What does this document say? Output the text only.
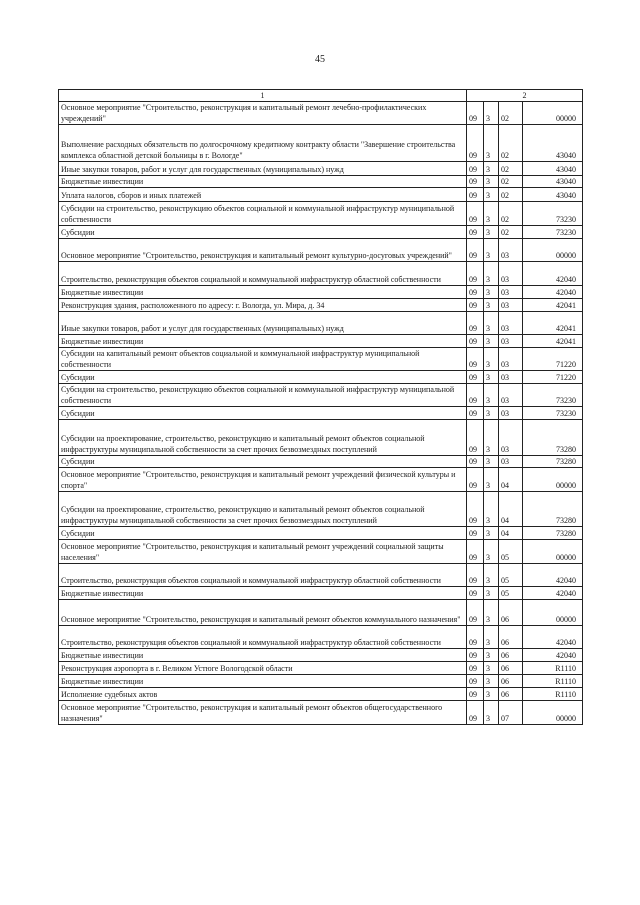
45
1	2			
Основное мероприятие "Строительство, реконструкция и капитальный ремонт лечебно-профилактических учреждений"	09	3	02	00000
Выполнение расходных обязательств по долгосрочному кредитному контракту области "Завершение строительства комплекса областной детской больницы в г. Вологде"	09	3	02	43040
Иные закупки товаров, работ и услуг для государственных (муниципальных) нужд	09	3	02	43040
Бюджетные инвестиции	09	3	02	43040
Уплата налогов, сборов и иных платежей	09	3	02	43040
Субсидии на строительство, реконструкцию объектов социальной и коммунальной инфраструктур муниципальной собственности	09	3	02	73230
Субсидии	09	3	02	73230
Основное мероприятие "Строительство, реконструкция и капитальный ремонт культурно-досуговых учреждений"	09	3	03	00000
Строительство, реконструкция объектов социальной и коммунальной инфраструктур областной собственности	09	3	03	42040
Бюджетные инвестиции	09	3	03	42040
Реконструкция здания, расположенного по адресу: г. Вологда, ул. Мира, д. 34	09	3	03	42041
Иные закупки товаров, работ и услуг для государственных (муниципальных) нужд	09	3	03	42041
Бюджетные инвестиции	09	3	03	42041
Субсидии на капитальный ремонт объектов социальной и коммунальной инфраструктур муниципальной собственности	09	3	03	71220
Субсидии	09	3	03	71220
Субсидии на строительство, реконструкцию объектов социальной и коммунальной инфраструктур муниципальной собственности	09	3	03	73230
Субсидии	09	3	03	73230
Субсидии на проектирование, строительство, реконструкцию и капитальный ремонт объектов социальной инфраструктуры муниципальной собственности за счет прочих безвозмездных поступлений	09	3	03	73280
Субсидии	09	3	03	73280
Основное мероприятие "Строительство, реконструкция и капитальный ремонт учреждений физической культуры и спорта"	09	3	04	00000
Субсидии на проектирование, строительство, реконструкцию и капитальный ремонт объектов социальной инфраструктуры муниципальной собственности за счет прочих безвозмездных поступлений	09	3	04	73280
Субсидии	09	3	04	73280
Основное мероприятие "Строительство, реконструкция и капитальный ремонт учреждений социальной защиты населения"	09	3	05	00000
Строительство, реконструкция объектов социальной и коммунальной инфраструктур областной собственности	09	3	05	42040
Бюджетные инвестиции	09	3	05	42040
Основное мероприятие "Строительство, реконструкция и капитальный ремонт объектов коммунального назначения"	09	3	06	00000
Строительство, реконструкция объектов социальной и коммунальной инфраструктур областной собственности	09	3	06	42040
Бюджетные инвестиции	09	3	06	42040
Реконструкция аэропорта в г. Великом Устюге Вологодской области	09	3	06	R1110
Бюджетные инвестиции	09	3	06	R1110
Исполнение судебных актов	09	3	06	R1110
Основное мероприятие "Строительство, реконструкция и капитальный ремонт объектов общегосударственного назначения"	09	3	07	00000
